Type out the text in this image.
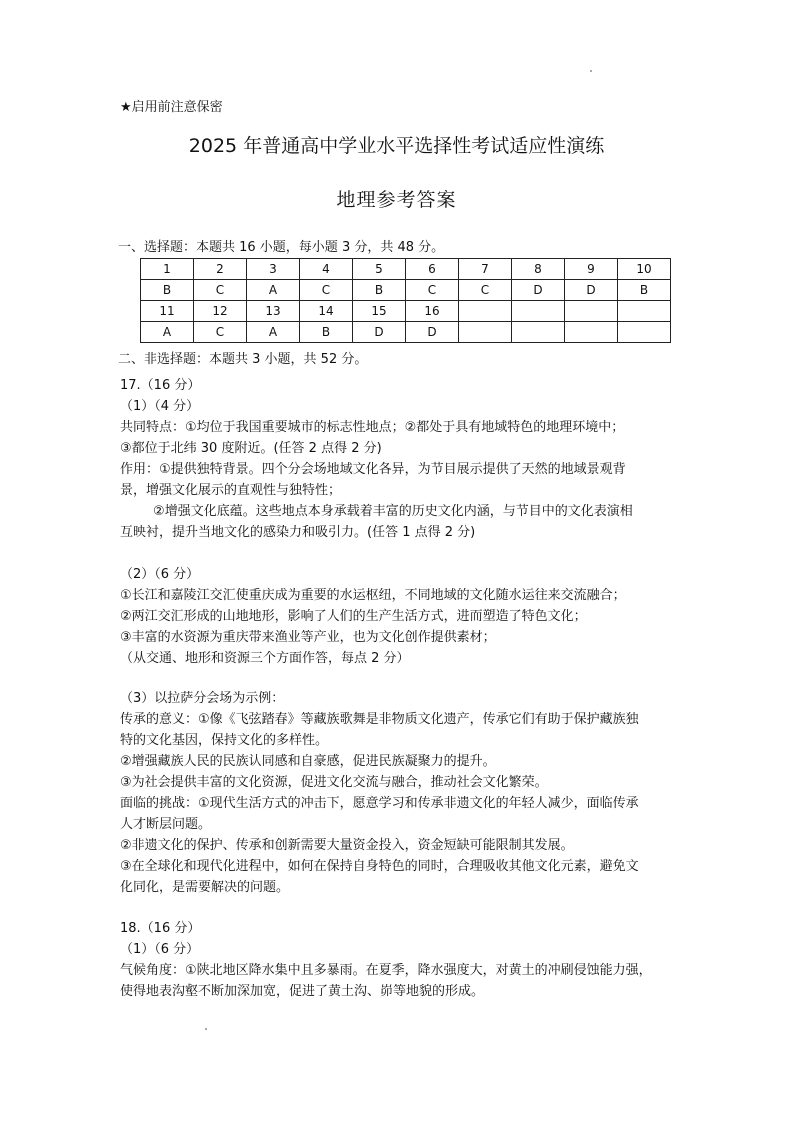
★启用前注意保密
2025 年普通高中学业水平选择性考试适应性演练
地理参考答案
一、选择题：本题共 16 小题，每小题 3 分，共 48 分。
1	2	3	4	5	6	7	8	9	10
B	C	A	C	B	C	C	D	D	B
11	12	13	14	15	16				
A	C	A	B	D	D				
二、非选择题：本题共 3 小题，共 52 分。
17.（16 分）
（1）（4 分）
共同特点：①均位于我国重要城市的标志性地点；②都处于具有地域特色的地理环境中；
③都位于北纬 30 度附近。(任答 2 点得 2 分)
作用：①提供独特背景。四个分会场地域文化各异，为节目展示提供了天然的地域景观背
景，增强文化展示的直观性与独特性；
②增强文化底蕴。这些地点本身承载着丰富的历史文化内涵，与节目中的文化表演相
互映衬，提升当地文化的感染力和吸引力。(任答 1 点得 2 分)
（2）（6 分）
①长江和嘉陵江交汇使重庆成为重要的水运枢纽，不同地域的文化随水运往来交流融合；
②两江交汇形成的山地地形，影响了人们的生产生活方式，进而塑造了特色文化；
③丰富的水资源为重庆带来渔业等产业，也为文化创作提供素材；
（从交通、地形和资源三个方面作答，每点 2 分）
（3）以拉萨分会场为示例：
传承的意义：①像《飞弦踏春》等藏族歌舞是非物质文化遗产，传承它们有助于保护藏族独
特的文化基因，保持文化的多样性。
②增强藏族人民的民族认同感和自豪感，促进民族凝聚力的提升。
③为社会提供丰富的文化资源，促进文化交流与融合，推动社会文化繁荣。
面临的挑战：①现代生活方式的冲击下，愿意学习和传承非遗文化的年轻人减少，面临传承
人才断层问题。
②非遗文化的保护、传承和创新需要大量资金投入，资金短缺可能限制其发展。
③在全球化和现代化进程中，如何在保持自身特色的同时，合理吸收其他文化元素，避免文
化同化，是需要解决的问题。
18.（16 分）
（1）（6 分）
气候角度：①陕北地区降水集中且多暴雨。在夏季，降水强度大，对黄土的冲刷侵蚀能力强，
使得地表沟壑不断加深加宽，促进了黄土沟、峁等地貌的形成。
